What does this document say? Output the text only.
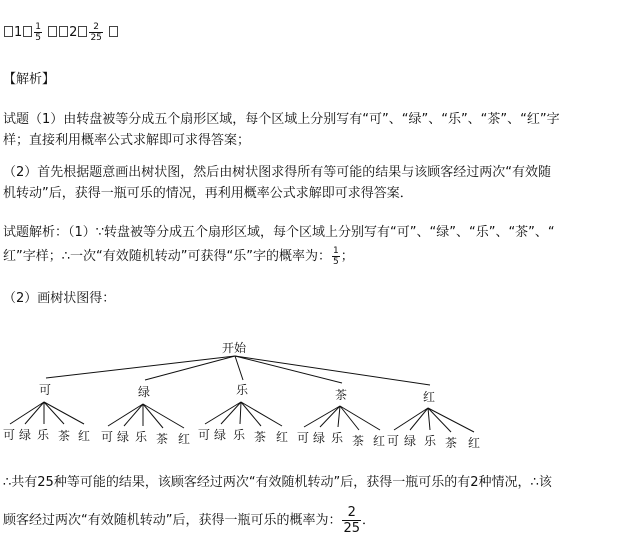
$1 \frac{1}{5} 2 \frac{2}{25}$

【解析】
试题（1）由转盘被等分成五个扇形区域，每个区域上分别写有“可”、“绿”、“乐”、“茶”、“红”字
样；直接利用概率公式求解即可求得答案；
（2）首先根据题意画出树状图，然后由树状图求得所有等可能的结果与该顾客经过两次“有效随
机转动”后，获得一瓶可乐的情况，再利用概率公式求解即可求得答案．
试题解析：（1）∵转盘被等分成五个扇形区域，每个区域上分别写有“可”、“绿”、“乐”、“茶”、“
红”字样；∴一次“有效随机转动”可获得“乐”字的概率为： $\frac{1}{5}$ ；
（2）画树状图得：
开始
可	绿	乐	茶	红
可 绿 乐 茶 红 可 绿 乐 茶 红 可 绿 乐 茶 红 可 绿 乐 茶 红 可 绿 乐 茶 红
∴共有25种等可能的结果，该顾客经过两次“有效随机转动”后，获得一瓶可乐的有2种情况，∴该
顾客经过两次“有效随机转动”后，获得一瓶可乐的概率为： $\frac{2}{25}$ ．
